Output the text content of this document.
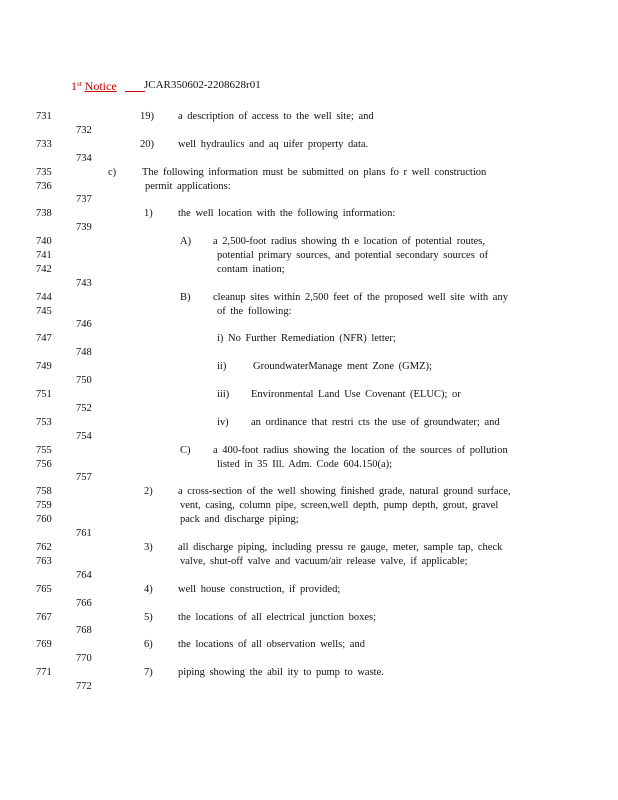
1st Notice JCAR350602-2208628r01
731
732
733
734
735
736
737
738
739
740
741
742
743
744
745
746
747
748
749
750
751
752
753
754
755
756
757
758
759
760
761
762
763
764
765
766
767
768
769
770
771
772
19)
20)
c)
1)
A)
B)
ii)
iii)
iv)
C)
2)
3)
4)
5)
6)
7)
a description of access to the well site; and
well hydraulics and aq uifer property data.
The following information must be submitted on plans fo r well construction
permit applications:
the well location with the following information:
a 2,500-foot radius showing th e location of potential routes,
potential primary sources, and potential secondary sources of
contam ination;
cleanup sites within 2,500 feet of the proposed well site with any
of the following:
i) No Further Remediation (NFR) letter;
GroundwaterManage ment Zone (GMZ);
Environmental Land Use Covenant (ELUC); or
an ordinance that restri cts the use of groundwater; and
a 400-foot radius showing the location of the sources of pollution
listed in 35 Ill. Adm. Code 604.150(a);
a cross-section of the well showing finished grade, natural ground surface,
vent, casing, column pipe, screen,well depth, pump depth, grout, gravel
pack and discharge piping;
all discharge piping, including pressu re gauge, meter, sample tap, check
valve, shut-off valve and vacuum/air release valve, if applicable;
well house construction, if provided;
the locations of all electrical junction boxes;
the locations of all observation wells; and
piping showing the abil ity to pump to waste.
